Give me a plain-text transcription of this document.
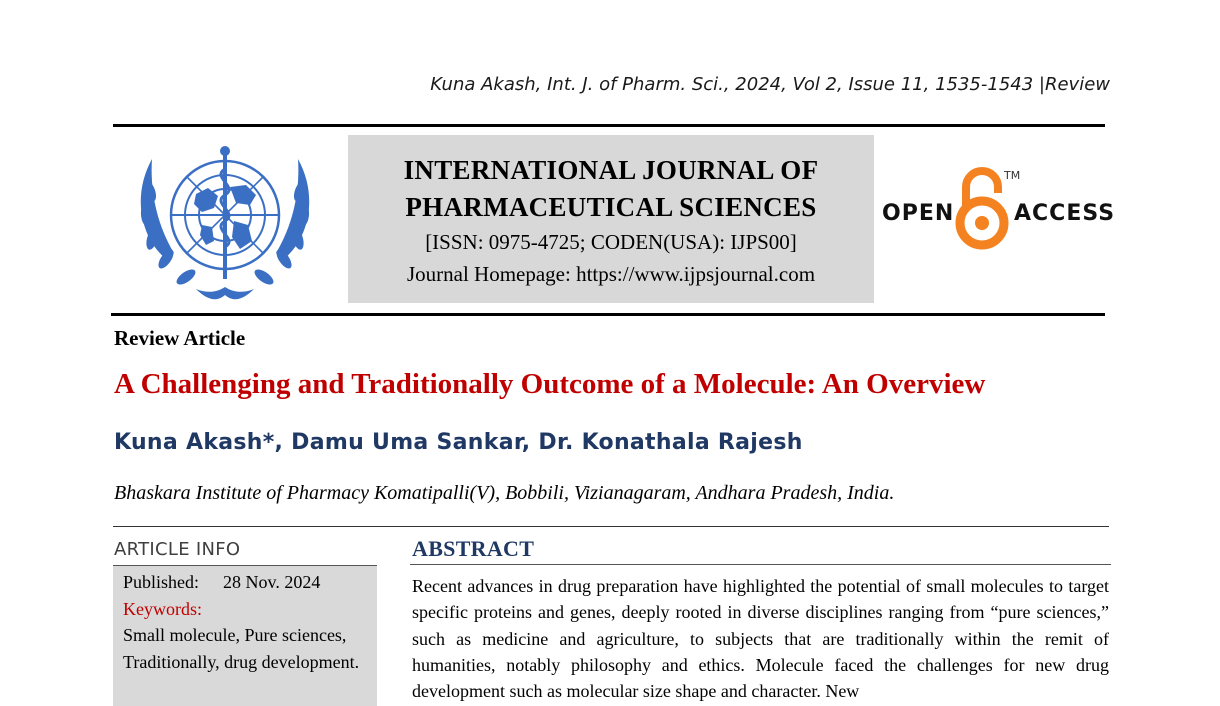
Kuna Akash, Int. J. of Pharm. Sci., 2024, Vol 2, Issue 11, 1535-1543 |Review
INTERNATIONAL JOURNAL OF
PHARMACEUTICAL SCIENCES
[ISSN: 0975-4725; CODEN(USA): IJPS00]
Journal Homepage: https://www.ijpsjournal.com
OPEN
TM
ACCESS
Review Article
A Challenging and Traditionally Outcome of a Molecule: An Overview
Kuna Akash*, Damu Uma Sankar, Dr. Konathala Rajesh
Bhaskara Institute of Pharmacy Komatipalli(V), Bobbili, Vizianagaram, Andhara Pradesh, India.
ARTICLE INFO
Published: 28 Nov. 2024
Keywords:
Small molecule, Pure sciences, Traditionally, drug development.
ABSTRACT

Recent advances in drug preparation have highlighted the potential of small molecules to target specific proteins and genes, deeply rooted in diverse disciplines ranging from “pure sciences,” such as medicine and agriculture, to subjects that are traditionally within the remit of humanities, notably philosophy and ethics. Molecule faced the challenges for new drug development such as molecular size shape and character. New
